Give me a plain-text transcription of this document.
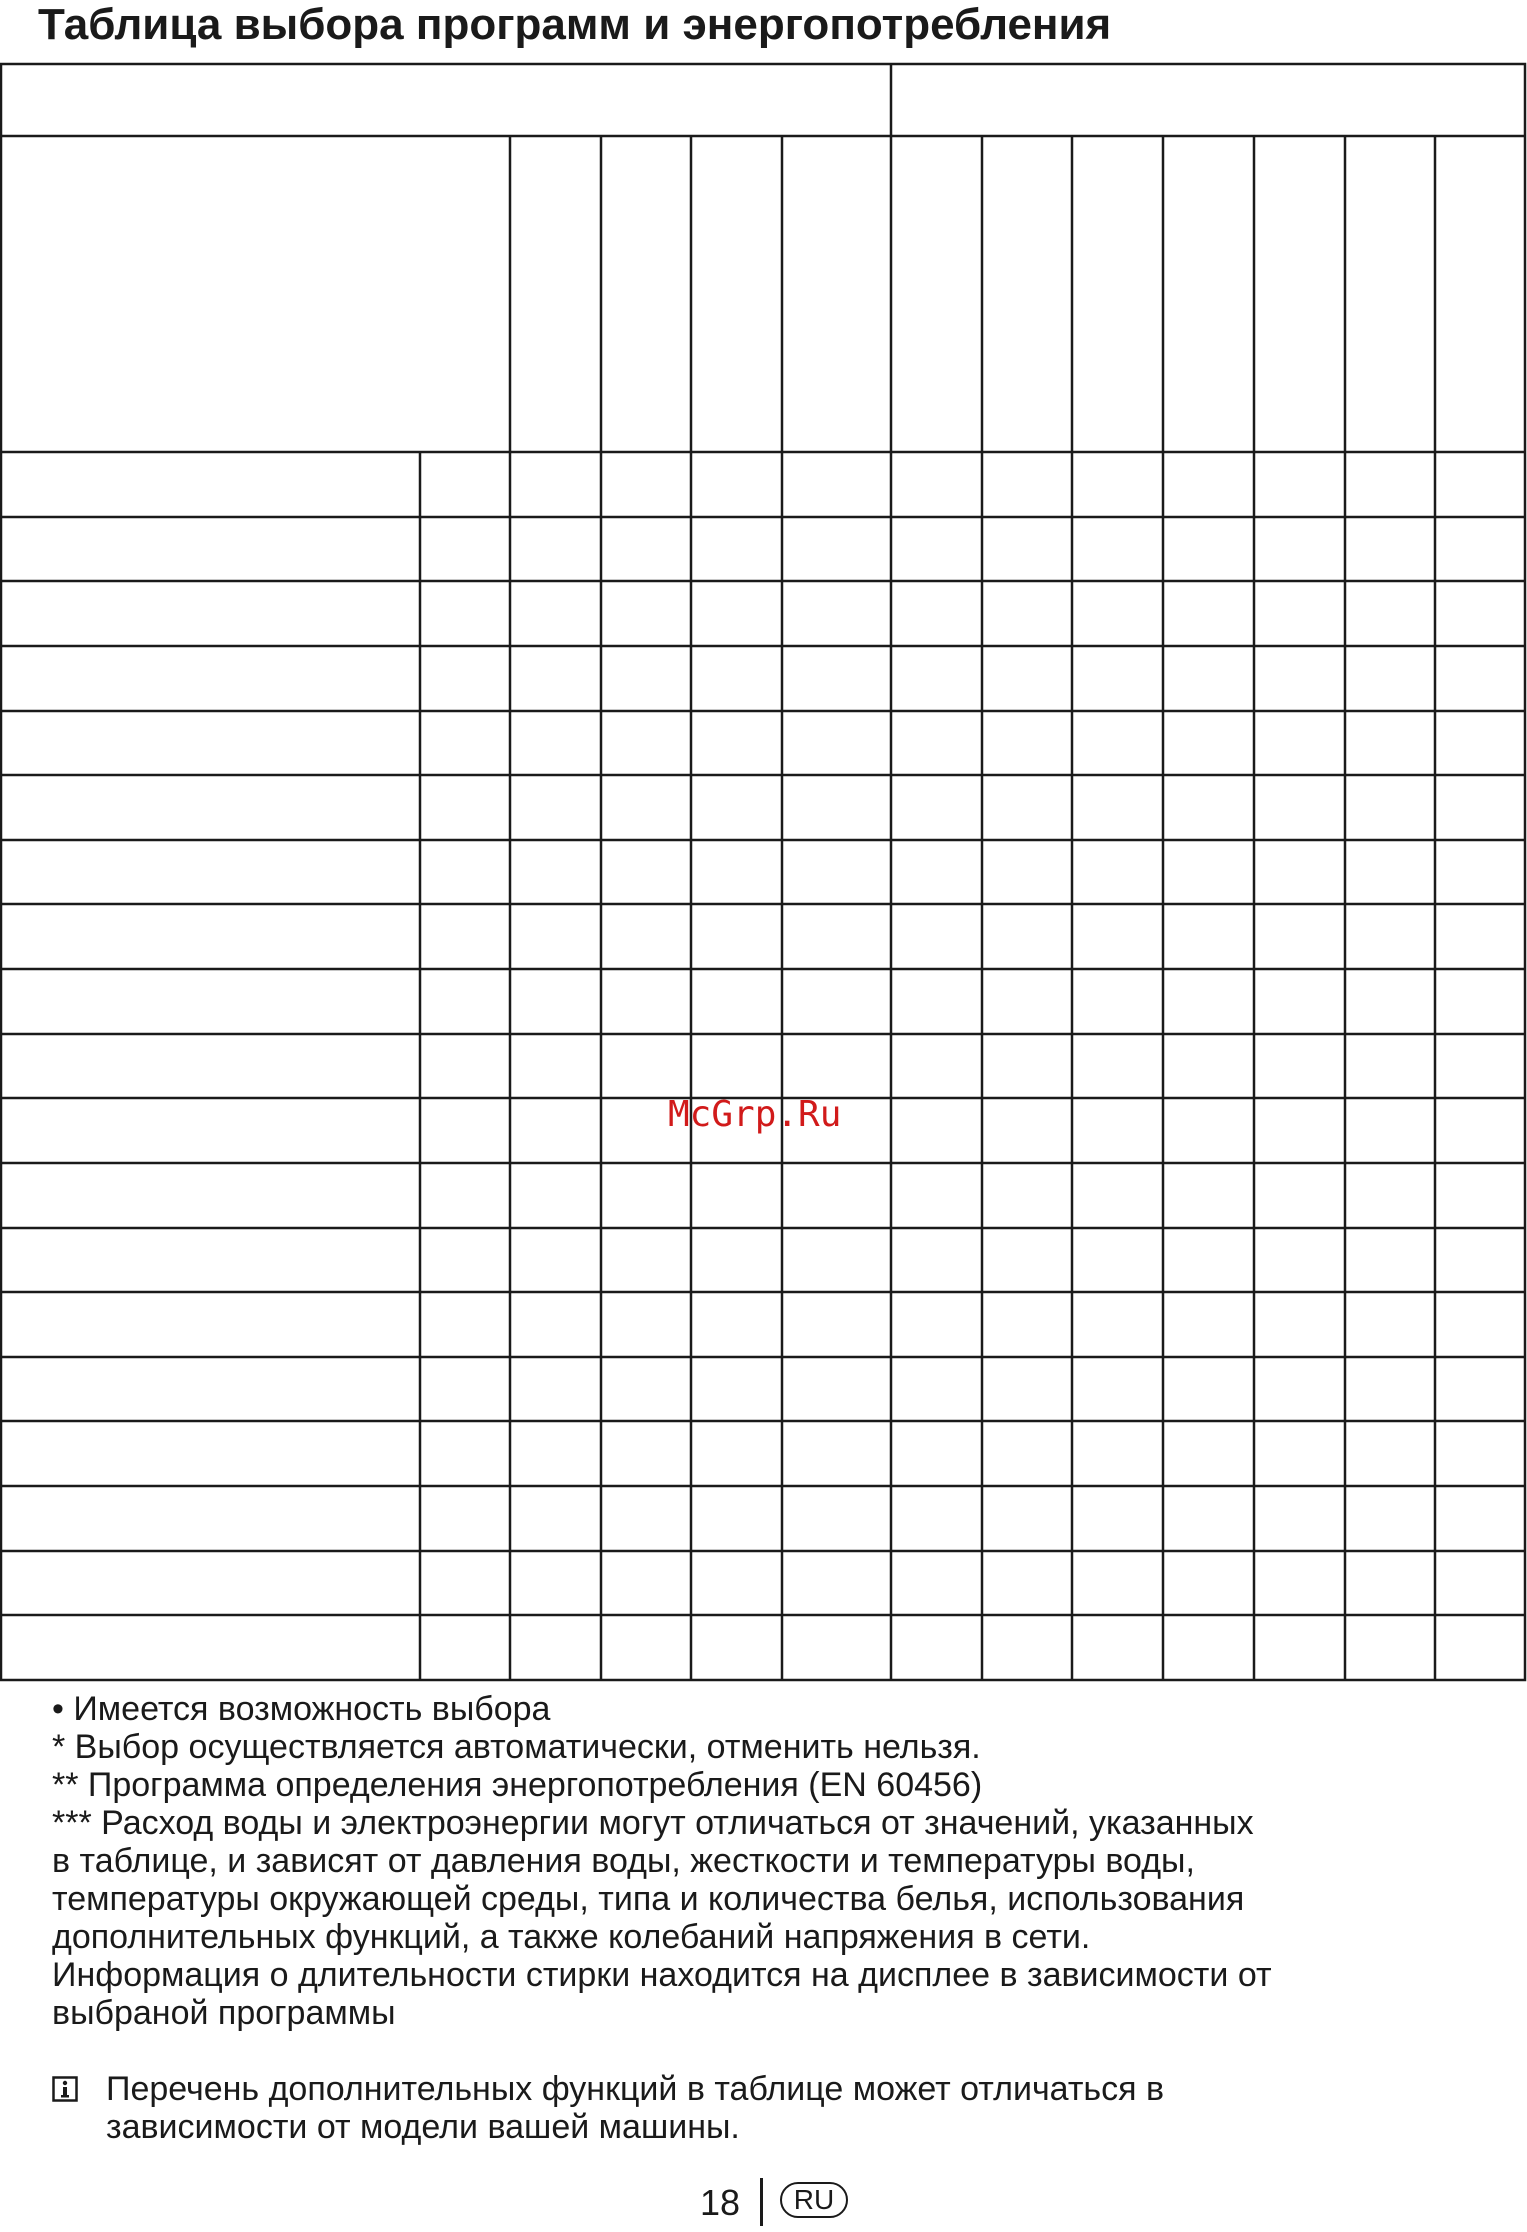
Таблица выбора программ и энергопотребления
McGrp.Ru
• Имеется возможность выбора
* Выбор осуществляется автоматически, отменить нельзя.
** Программа определения энергопотребления (EN 60456)
*** Расход воды и электроэнергии могут отличаться от значений, указанных
в таблице, и зависят от давления воды, жесткости и температуры воды,
температуры окружающей среды, типа и количества белья, использования
дополнительных функций, а также колебаний напряжения в сети.
Информация о длительности стирки находится на дисплее в зависимости от
выбраной программы
Перечень дополнительных функций в таблице может отличаться в
зависимости от модели вашей машины.
18	RU
